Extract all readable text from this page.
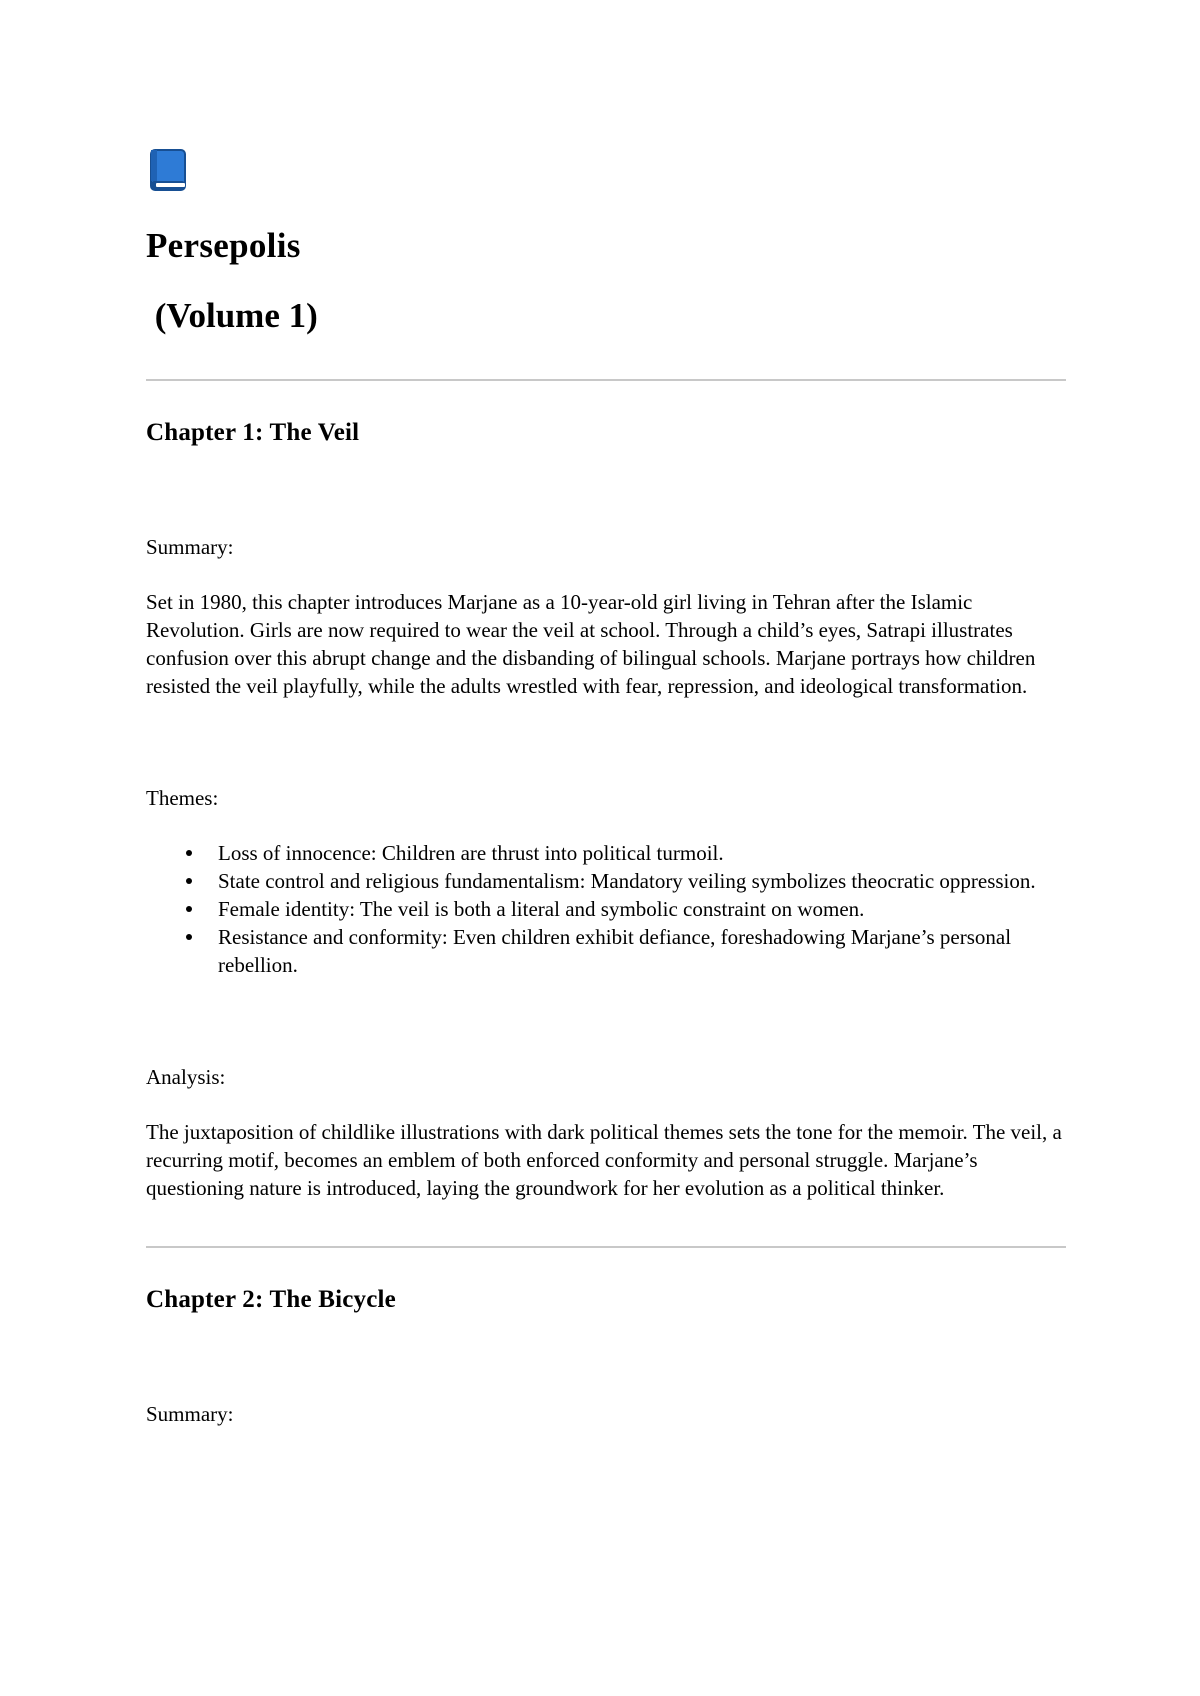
Persepolis
(Volume 1)
Chapter 1: The Veil

Summary:

Set in 1980, this chapter introduces Marjane as a 10-year-old girl living in Tehran after the Islamic Revolution. Girls are now required to wear the veil at school. Through a child’s eyes, Satrapi illustrates confusion over this abrupt change and the disbanding of bilingual schools. Marjane portrays how children resisted the veil playfully, while the adults wrestled with fear, repression, and ideological transformation.

Themes:

Loss of innocence: Children are thrust into political turmoil.
State control and religious fundamentalism: Mandatory veiling symbolizes theocratic oppression.
Female identity: The veil is both a literal and symbolic constraint on women.
Resistance and conformity: Even children exhibit defiance, foreshadowing Marjane’s personal rebellion.

Analysis:

The juxtaposition of childlike illustrations with dark political themes sets the tone for the memoir. The veil, a recurring motif, becomes an emblem of both enforced conformity and personal struggle. Marjane’s questioning nature is introduced, laying the groundwork for her evolution as a political thinker.

Chapter 2: The Bicycle

Summary:
